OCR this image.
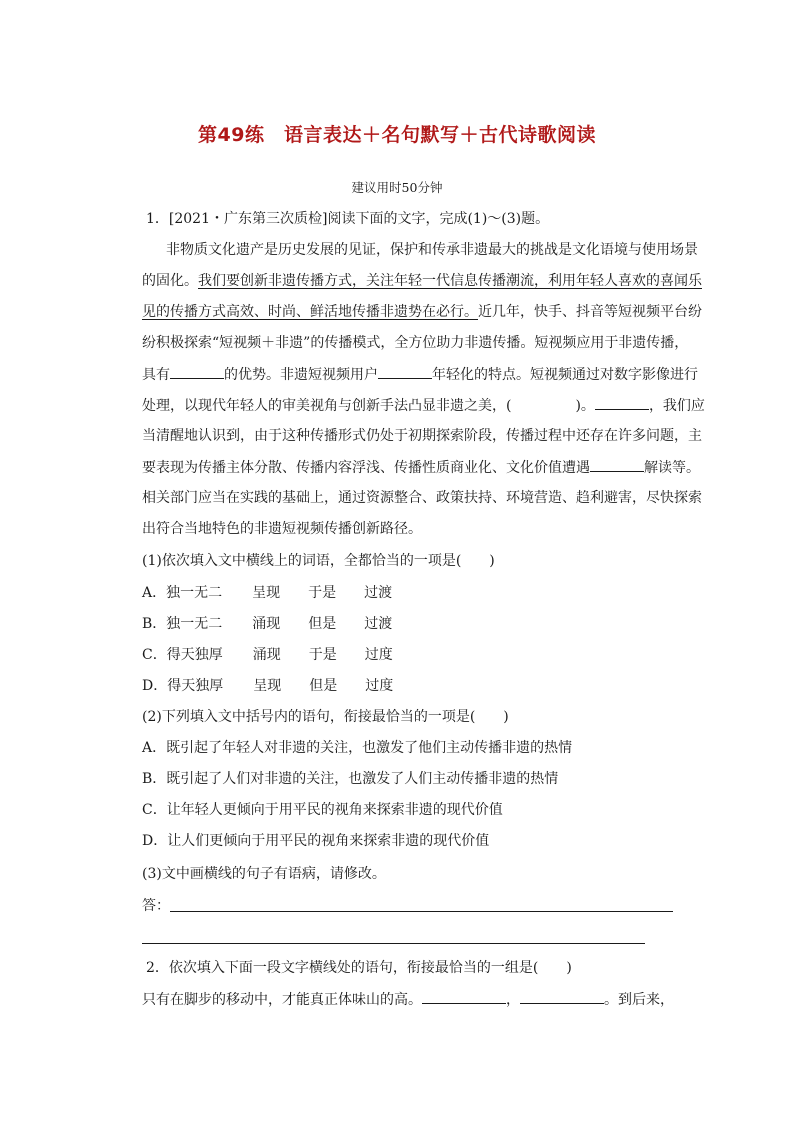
第49练　语言表达＋名句默写＋古代诗歌阅读
建议用时50分钟
1．[2021・广东第三次质检]阅读下面的文字，完成(1)～(3)题。
非物质文化遗产是历史发展的见证，保护和传承非遗最大的挑战是文化语境与使用场景
的固化。我们要创新非遗传播方式，关注年轻一代信息传播潮流，利用年轻人喜欢的喜闻乐
见的传播方式高效、时尚、鲜活地传播非遗势在必行。近几年，快手、抖音等短视频平台纷
纷积极探索“短视频＋非遗”的传播模式，全方位助力非遗传播。短视频应用于非遗传播，
具有	的优势。非遗短视频用户	年轻化的特点。短视频通过对数字影像进行
处理，以现代年轻人的审美视角与创新手法凸显非遗之美，(	)。	，我们应
当清醒地认识到，由于这种传播形式仍处于初期探索阶段，传播过程中还存在许多问题，主
要表现为传播主体分散、传播内容浮浅、传播性质商业化、文化价值遭遇	解读等。
相关部门应当在实践的基础上，通过资源整合、政策扶持、环境营造、趋利避害，尽快探索
出符合当地特色的非遗短视频传播创新路径。
(1)依次填入文中横线上的词语，全都恰当的一项是(　　)
A．独一无二 呈现 于是 过渡
B．独一无二 涌现 但是 过渡
C．得天独厚 涌现 于是 过度
D．得天独厚 呈现 但是 过度
(2)下列填入文中括号内的语句，衔接最恰当的一项是(　　)
A．既引起了年轻人对非遗的关注，也激发了他们主动传播非遗的热情
B．既引起了人们对非遗的关注，也激发了人们主动传播非遗的热情
C．让年轻人更倾向于用平民的视角来探索非遗的现代价值
D．让人们更倾向于用平民的视角来探索非遗的现代价值
(3)文中画横线的句子有语病，请修改。
答：
2．依次填入下面一段文字横线处的语句，衔接最恰当的一组是(　　)
只有在脚步的移动中，才能真正体味山的高。	，	。到后来，
